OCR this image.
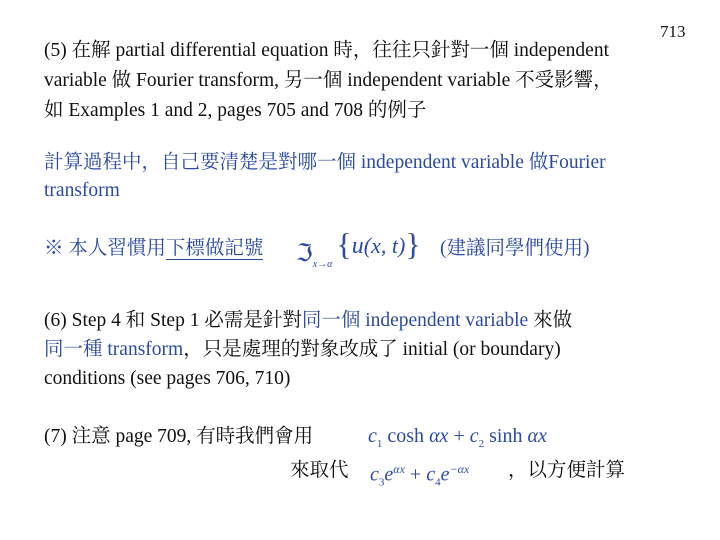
713
(5) 在解 partial differential equation 時，往往只針對一個 independent
variable 做 Fourier transform, 另一個 independent variable 不受影響，
如 Examples 1 and 2, pages 705 and 708 的例子
計算過程中，自己要清楚是對哪一個 independent variable 做Fourier
transform
※ 本人習慣用下標做記號 ℑ$_{x\to\alpha}${u(x, t)} (建議同學們使用)
(6) Step 4 和 Step 1 必需是針對同一個 independent variable 來做
同一種 transform，只是處理的對象改成了 initial (or boundary)
conditions (see pages 706, 710)
(7) 注意 page 709, 有時我們會用	$c_1$ $\cosh \alpha x + c_2$ sinh αx
來取代 $c_3e^{\alpha x} + c_4e^{-\alpha x}$ ，以方便計算
